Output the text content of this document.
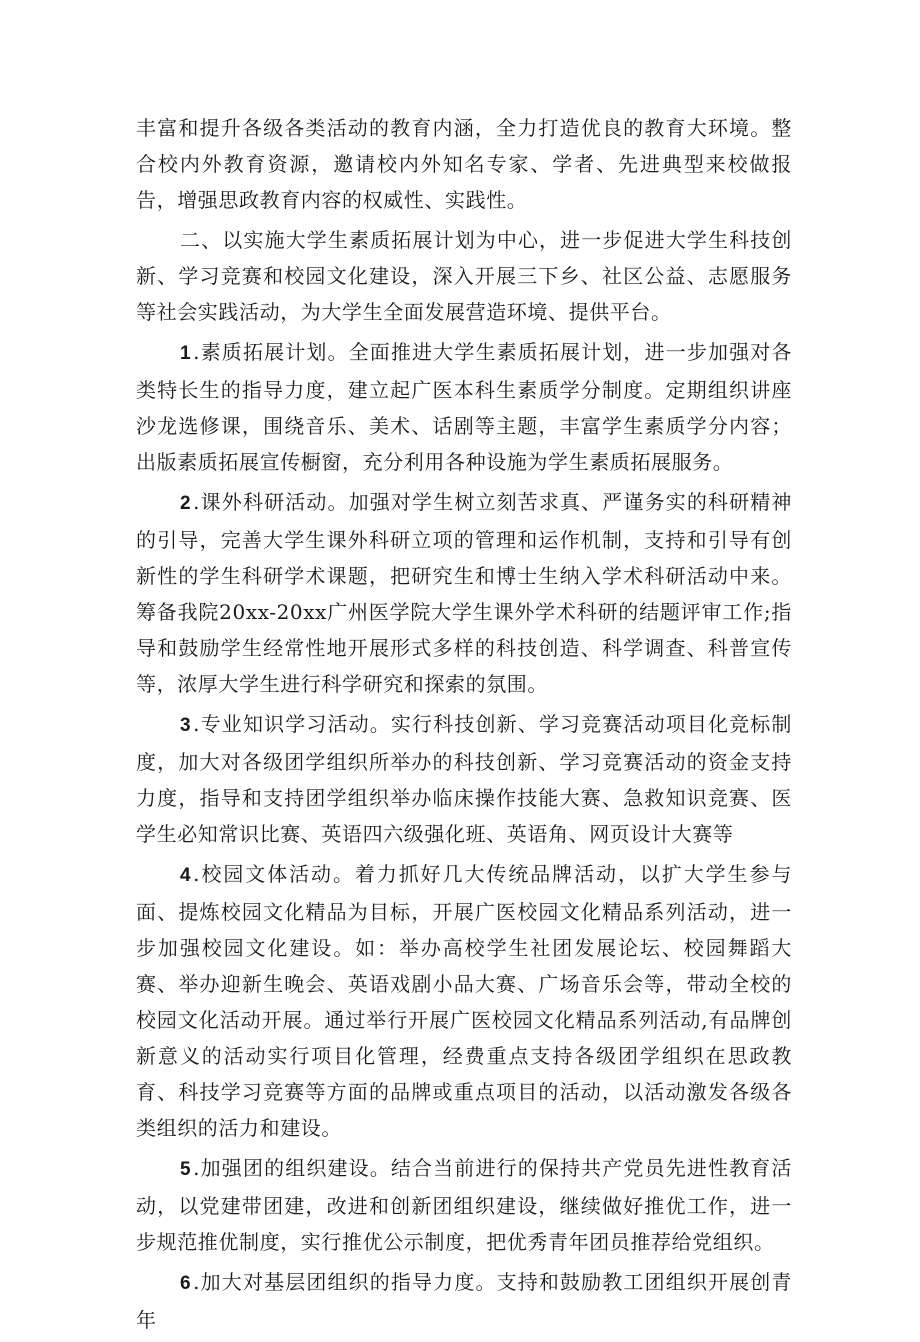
丰富和提升各级各类活动的教育内涵，全力打造优良的教育大环境。整合校内外教育资源，邀请校内外知名专家、学者、先进典型来校做报告，增强思政教育内容的权威性、实践性。

二、以实施大学生素质拓展计划为中心，进一步促进大学生科技创新、学习竞赛和校园文化建设，深入开展三下乡、社区公益、志愿服务等社会实践活动，为大学生全面发展营造环境、提供平台。

1 .素质拓展计划。全面推进大学生素质拓展计划，进一步加强对各类特长生的指导力度，建立起广医本科生素质学分制度。定期组织讲座沙龙选修课，围绕音乐、美术、话剧等主题，丰富学生素质学分内容；出版素质拓展宣传橱窗，充分利用各种设施为学生素质拓展服务。

2 .课外科研活动。加强对学生树立刻苦求真、严谨务实的科研精神的引导，完善大学生课外科研立项的管理和运作机制，支持和引导有创新性的学生科研学术课题，把研究生和博士生纳入学术科研活动中来。筹备我院20xx-20xx广州医学院大学生课外学术科研的结题评审工作;指导和鼓励学生经常性地开展形式多样的科技创造、科学调查、科普宣传等，浓厚大学生进行科学研究和探索的氛围。

3 .专业知识学习活动。实行科技创新、学习竞赛活动项目化竞标制度，加大对各级团学组织所举办的科技创新、学习竞赛活动的资金支持力度，指导和支持团学组织举办临床操作技能大赛、急救知识竞赛、医学生必知常识比赛、英语四六级强化班、英语角、网页设计大赛等

4 .校园文体活动。着力抓好几大传统品牌活动，以扩大学生参与面、提炼校园文化精品为目标，开展广医校园文化精品系列活动，进一步加强校园文化建设。如：举办高校学生社团发展论坛、校园舞蹈大赛、举办迎新生晚会、英语戏剧小品大赛、广场音乐会等，带动全校的校园文化活动开展。通过举行开展广医校园文化精品系列活动,有品牌创新意义的活动实行项目化管理，经费重点支持各级团学组织在思政教育、科技学习竞赛等方面的品牌或重点项目的活动，以活动激发各级各类组织的活力和建设。

5 .加强团的组织建设。结合当前进行的保持共产党员先进性教育活动，以党建带团建，改进和创新团组织建设，继续做好推优工作，进一步规范推优制度，实行推优公示制度，把优秀青年团员推荐给党组织。

6 .加大对基层团组织的指导力度。支持和鼓励教工团组织开展创青年
